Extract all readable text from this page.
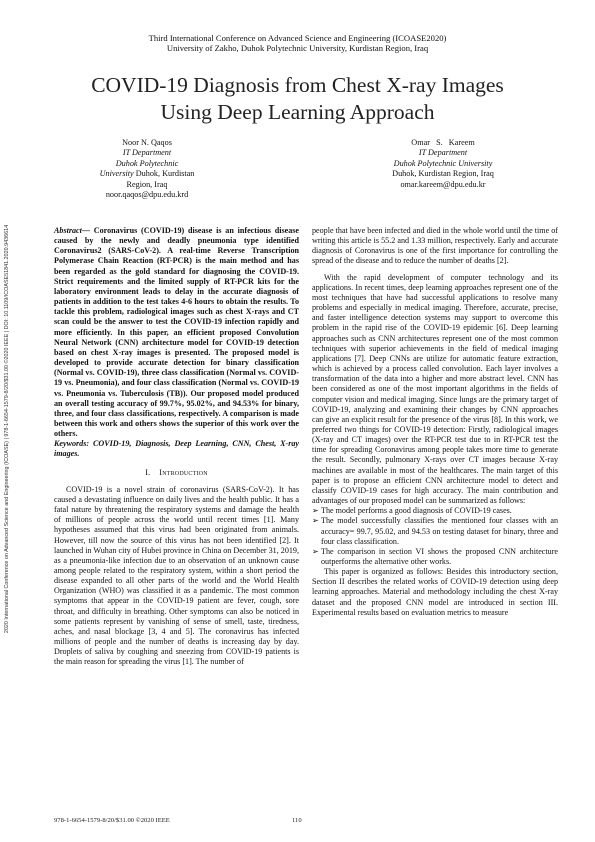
Third International Conference on Advanced Science and Engineering (ICOASE2020)
University of Zakho, Duhok Polytechnic University, Kurdistan Region, Iraq
COVID-19 Diagnosis from Chest X-ray Images
Using Deep Learning Approach
Noor N. Qaqos
IT Department
Duhok Polytechnic
University Duhok, Kurdistan
Region, Iraq
noor.qaqos@dpu.edu.krd
Omar   S.   Kareem
IT Department
Duhok Polytechnic University
Duhok, Kurdistan Region, Iraq
omar.kareem@dpu.edu.kr
2020 International Conference on Advanced Science and Engineering (ICOASE) | 978-1-6654-1579-8/20/$31.00 ©2020 IEEE | DOI: 10.1109/ICOASE51841.2020.9436614	Abstract— Coronavirus (COVID-19) disease is an infectious disease caused by the newly and deadly pneumonia type identified Coronavirus2 (SARS-CoV-2). A real-time Reverse Transcription Polymerase Chain Reaction (RT-PCR) is the main method and has been regarded as the gold standard for diagnosing the COVID-19. Strict requirements and the limited supply of RT-PCR kits for the laboratory environment leads to delay in the accurate diagnosis of patients in addition to the test takes 4-6 hours to obtain the results. To tackle this problem, radiological images such as chest X-rays and CT scan could be the answer to test the COVID-19 infection rapidly and more efficiently. In this paper, an efficient proposed Convolution Neural Network (CNN) architecture model for COVID-19 detection based on chest X-ray images is presented. The proposed model is developed to provide accurate detection for binary classification (Normal vs. COVID-19), three class classification (Normal vs. COVID-19 vs. Pneumonia), and four class classification (Normal vs. COVID-19 vs. Pneumonia vs. Tuberculosis (TB)). Our proposed model produced an overall testing accuracy of 99.7%, 95.02%, and 94.53% for binary, three, and four class classifications, respectively. A comparison is made between this work and others shows the superior of this work over the others.

Keywords: COVID-19, Diagnosis, Deep Learning, CNN, Chest, X-ray images.

I. Introduction

COVID-19 is a novel strain of coronavirus (SARS-CoV-2). It has caused a devastating influence on daily lives and the health public. It has a fatal nature by threatening the respiratory systems and damage the health of millions of people across the world until recent times [1]. Many hypotheses assumed that this virus had been originated from animals. However, till now the source of this virus has not been identified [2]. It launched in Wuhan city of Hubei province in China on December 31, 2019, as a pneumonia-like infection due to an observation of an unknown cause among people related to the respiratory system, within a short period the disease expanded to all other parts of the world and the World Health Organization (WHO) was classified it as a pandemic. The most common symptoms that appear in the COVID-19 patient are fever, cough, sore throat, and difficulty in breathing. Other symptoms can also be noticed in some patients represent by vanishing of sense of smell, taste, tiredness, aches, and nasal blockage [3, 4 and 5]. The coronavirus has infected millions of people and the number of deaths is increasing day by day. Droplets of saliva by coughing and sneezing from COVID-19 patients is the main reason for spreading the virus [1]. The number of

people that have been infected and died in the whole world until the time of writing this article is 55.2 and 1.33 million, respectively. Early and accurate diagnosis of Coronavirus is one of the first importance for controlling the spread of the disease and to reduce the number of deaths [2].

With the rapid development of computer technology and its applications. In recent times, deep learning approaches represent one of the most techniques that have had successful applications to resolve many problems and especially in medical imaging. Therefore, accurate, precise, and faster intelligence detection systems may support to overcome this problem in the rapid rise of the COVID-19 epidemic [6]. Deep learning approaches such as CNN architectures represent one of the most common techniques with superior achievements in the field of medical imaging applications [7]. Deep CNNs are utilize for automatic feature extraction, which is achieved by a process called convolution. Each layer involves a transformation of the data into a higher and more abstract level. CNN has been considered as one of the most important algorithms in the fields of computer vision and medical imaging. Since lungs are the primary target of COVID-19, analyzing and examining their changes by CNN approaches can give an explicit result for the presence of the virus [8]. In this work, we preferred two things for COVID-19 detection: Firstly, radiological images (X-ray and CT images) over the RT-PCR test due to in RT-PCR test the time for spreading Coronavirus among people takes more time to generate the result. Secondly, pulmonary X-rays over CT images because X-ray machines are available in most of the healthcares. The main target of this paper is to propose an efficient CNN architecture model to detect and classify COVID-19 cases for high accuracy. The main contribution and advantages of our proposed model can be summarized as follows:

➢ The model performs a good diagnosis of COVID-19 cases.
➢ The model successfully classifies the mentioned four classes with an accuracy= 99.7, 95.02, and 94.53 on testing dataset for binary, three and four class classification.
➢ The comparison in section VI shows the proposed CNN architecture outperforms the alternative other works.

This paper is organized as follows: Besides this introductory section, Section II describes the related works of COVID-19 detection using deep learning approaches. Material and methodology including the chest X-ray dataset and the proposed CNN model are introduced in section III. Experimental results based on evaluation metrics to measure

978-1-6654-1579-8/20/$31.00 ©2020 IEEE	110
